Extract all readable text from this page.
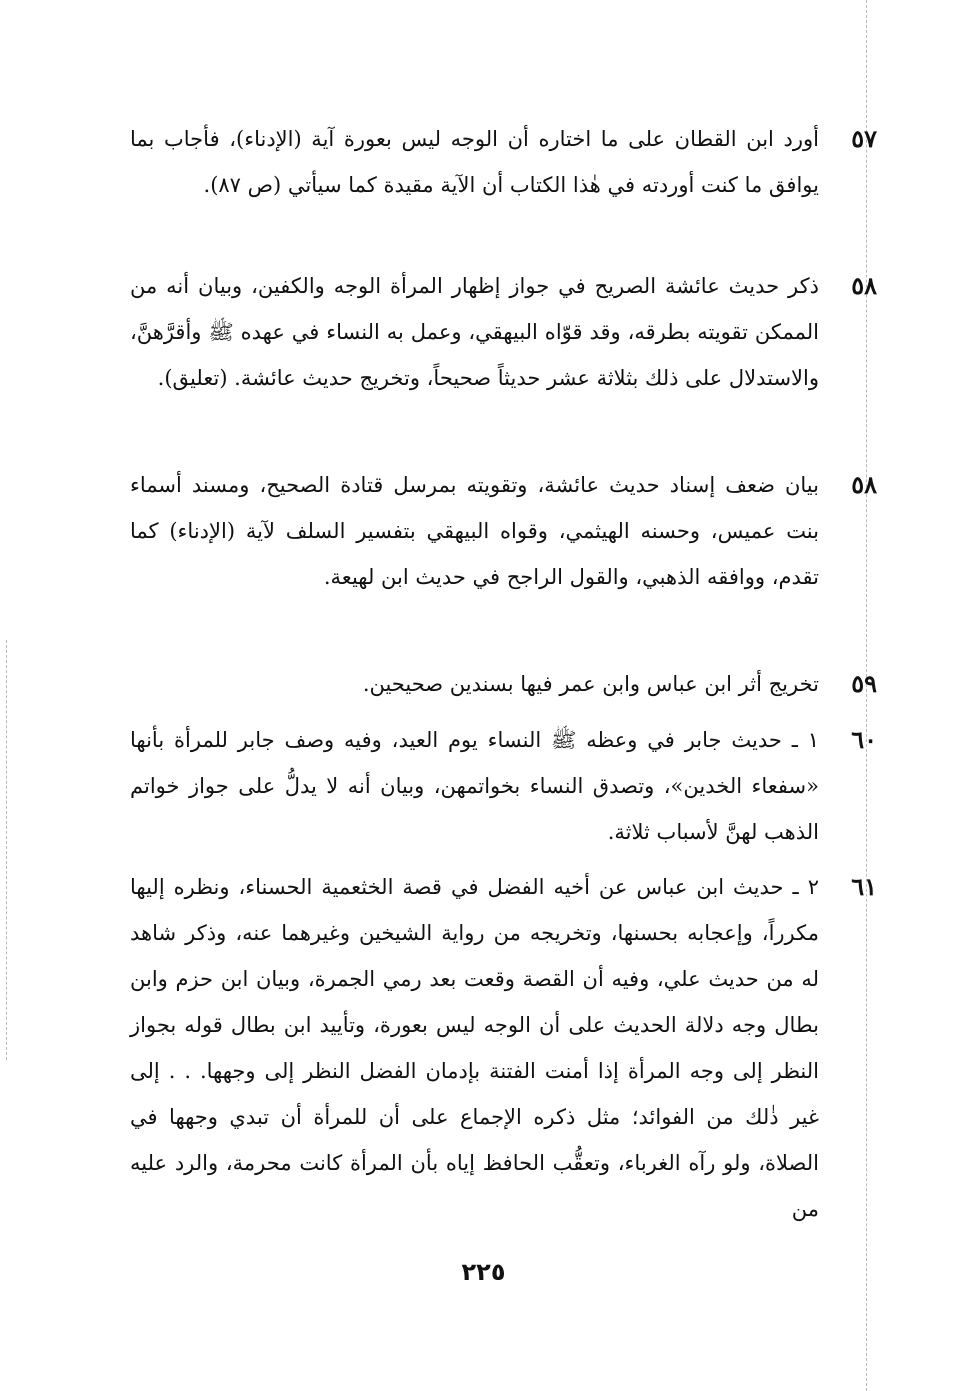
٥٧
أورد ابن القطان على ما اختاره أن الوجه ليس بعورة آية (الإدناء)، فأجاب بما يوافق ما كنت أوردته في هٰذا الكتاب أن الآية مقيدة كما سيأتي (ص ٨٧).
٥٨
ذكر حديث عائشة الصريح في جواز إظهار المرأة الوجه والكفين، وبيان أنه من الممكن تقويته بطرقه، وقد قوّاه البيهقي، وعمل به النساء في عهده ﷺ وأقرَّهنَّ، والاستدلال على ذلك بثلاثة عشر حديثاً صحيحاً، وتخريج حديث عائشة. (تعليق).
٥٨
بيان ضعف إسناد حديث عائشة، وتقويته بمرسل قتادة الصحيح، ومسند أسماء بنت عميس، وحسنه الهيثمي، وقواه البيهقي بتفسير السلف لآية (الإدناء) كما تقدم، ووافقه الذهبي، والقول الراجح في حديث ابن لهيعة.
٥٩
تخريج أثر ابن عباس وابن عمر فيها بسندين صحيحين.
٦٠
١ ـ حديث جابر في وعظه ﷺ النساء يوم العيد، وفيه وصف جابر للمرأة بأنها «سفعاء الخدين»، وتصدق النساء بخواتمهن، وبيان أنه لا يدلُّ على جواز خواتم الذهب لهنَّ لأسباب ثلاثة.
٦١
٢ ـ حديث ابن عباس عن أخيه الفضل في قصة الخثعمية الحسناء، ونظره إليها مكرراً، وإعجابه بحسنها، وتخريجه من رواية الشيخين وغيرهما عنه، وذكر شاهد له من حديث علي، وفيه أن القصة وقعت بعد رمي الجمرة، وبيان ابن حزم وابن بطال وجه دلالة الحديث على أن الوجه ليس بعورة، وتأييد ابن بطال قوله بجواز النظر إلى وجه المرأة إذا أمنت الفتنة بإدمان الفضل النظر إلى وجهها. . . إلى غير ذٰلك من الفوائد؛ مثل ذكره الإجماع على أن للمرأة أن تبدي وجهها في الصلاة، ولو رآه الغرباء، وتعقُّب الحافظ إياه بأن المرأة كانت محرمة، والرد عليه من
٢٢٥
